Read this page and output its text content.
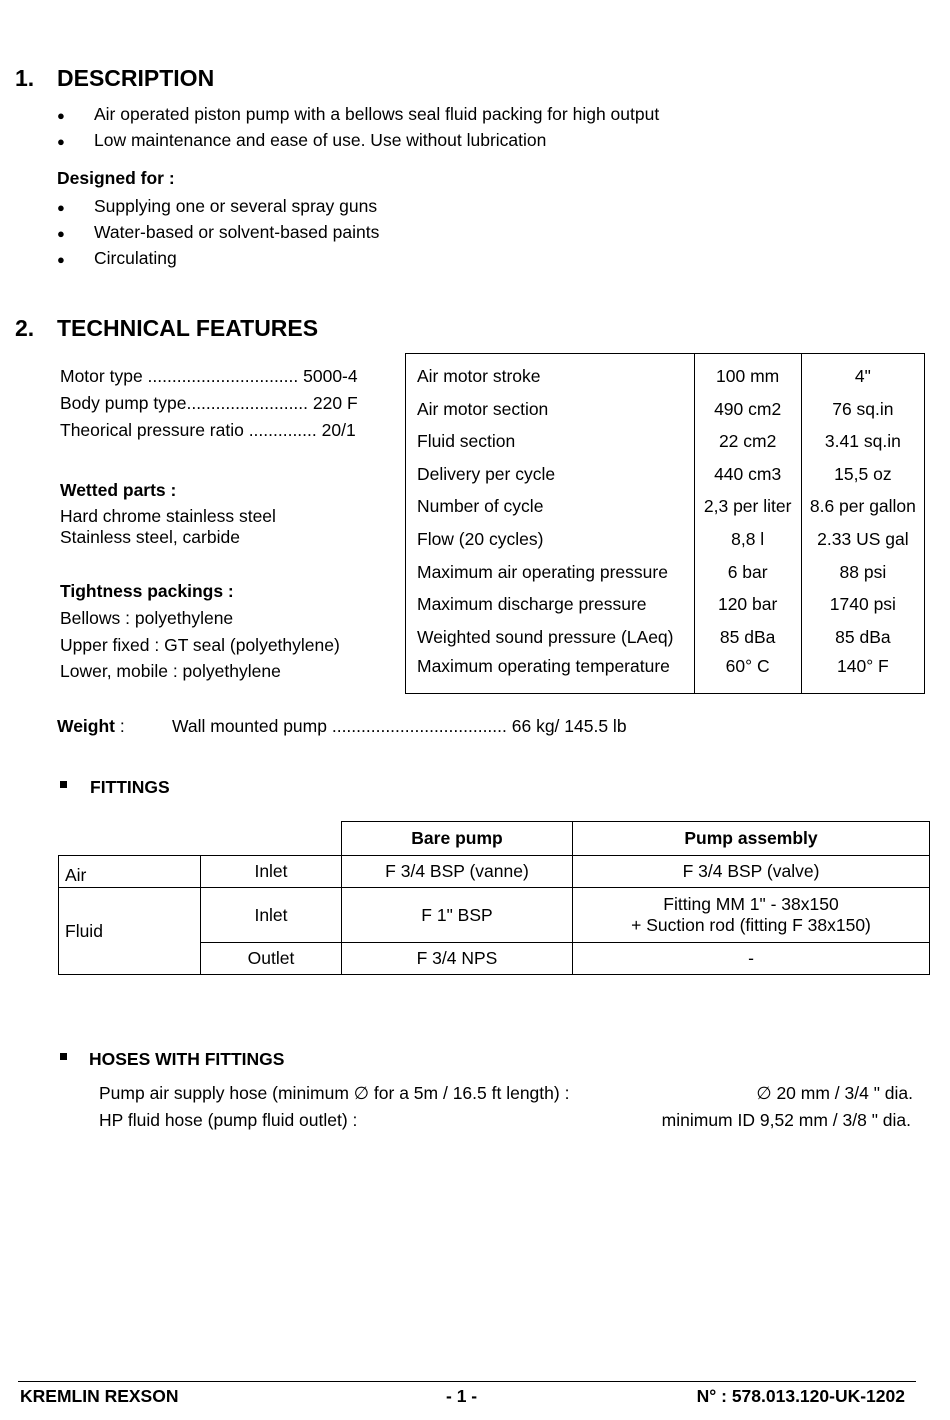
1. DESCRIPTION
● Air operated piston pump with a bellows seal fluid packing for high output
● Low maintenance and ease of use. Use without lubrication
Designed for :
● Supplying one or several spray guns
● Water-based or solvent-based paints
● Circulating
2. TECHNICAL FEATURES
Motor type ............................... 5000-4
Body pump type......................... 220 F
Theorical pressure ratio .............. 20/1
Wetted parts :
Hard chrome stainless steel
Stainless steel, carbide
Tightness packings :
Bellows : polyethylene
Upper fixed : GT seal (polyethylene)
Lower, mobile : polyethylene
Air motor stroke	100 mm	4"
Air motor section	490 cm2	76 sq.in
Fluid section	22 cm2	3.41 sq.in
Delivery per cycle	440 cm3	15,5 oz
Number of cycle	2,3 per liter	8.6 per gallon
Flow (20 cycles)	8,8 l	2.33 US gal
Maximum air operating pressure	6 bar	88 psi
Maximum discharge pressure	120 bar	1740 psi
Weighted sound pressure (LAeq)	85 dBa	85 dBa
Maximum operating temperature	60° C	140° F
Weight :	Wall mounted pump .................................... 66 kg/ 145.5 lb
FITTINGS
		Bare pump	Pump assembly
Air	Inlet	F 3/4 BSP (vanne)	F 3/4 BSP (valve)
Fluid	Inlet	F 1" BSP	Fitting MM 1" - 38x150
+ Suction rod (fitting F 38x150)

	Outlet	F 3/4 NPS	-
HOSES WITH FITTINGS
Pump air supply hose (minimum ∅ for a 5m / 16.5 ft length) :	∅ 20 mm / 3/4 " dia.
HP fluid hose (pump fluid outlet) :	minimum ID 9,52 mm / 3/8 " dia.
KREMLIN REXSON	- 1 -	N° : 578.013.120-UK-1202
